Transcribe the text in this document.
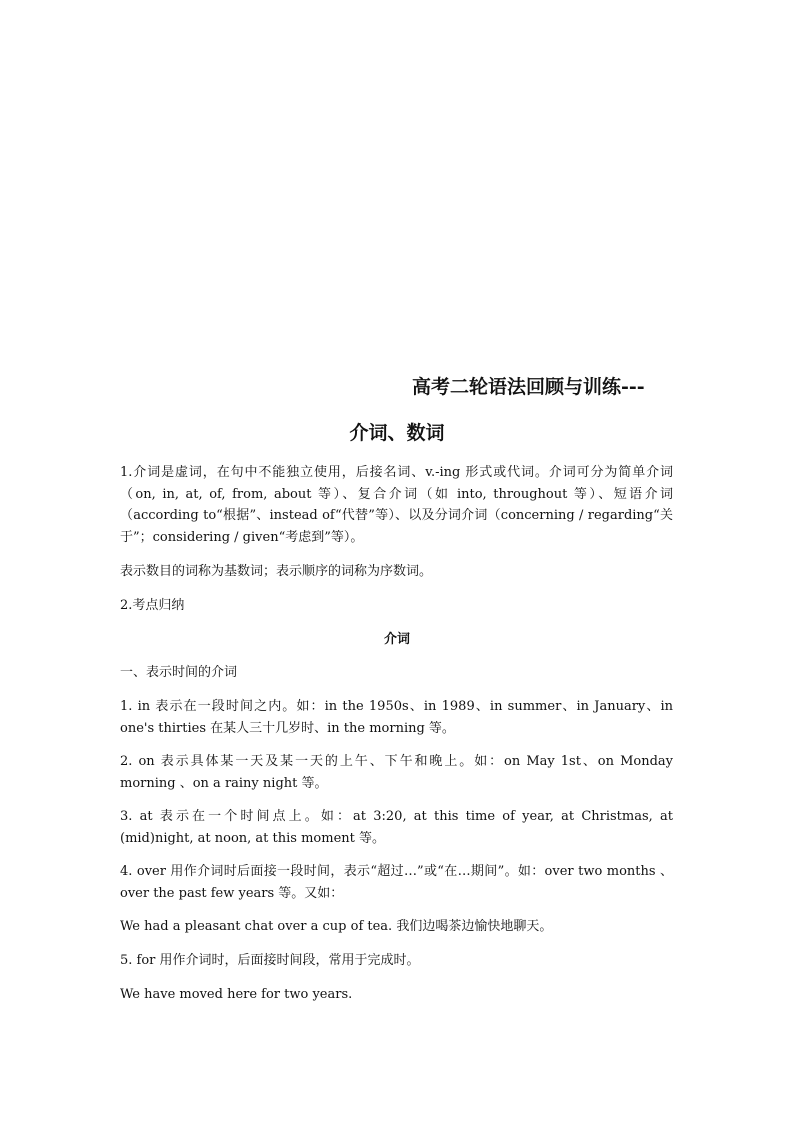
高考二轮语法回顾与训练---
介词、数词

1.介词是虚词，在句中不能独立使用，后接名词、v.-ing 形式或代词。介词可分为简单介词（on, in, at, of, from, about 等）、复合介词（如 into, throughout 等）、短语介词（according to“根据”、instead of“代替”等）、以及分词介词（concerning / regarding“关于”；considering / given“考虑到”等）。

表示数目的词称为基数词；表示顺序的词称为序数词。

2.考点归纳

介词

一、表示时间的介词

1. in 表示在一段时间之内。如：in the 1950s、in 1989、in summer、in January、in one's thirties 在某人三十几岁时、in the morning 等。

2. on 表示具体某一天及某一天的上午、下午和晚上。如：on May 1st、on Monday morning 、on a rainy night 等。

3. at 表示在一个时间点上。如：at 3:20, at this time of year, at Christmas, at (mid)night, at noon, at this moment 等。

4. over 用作介词时后面接一段时间，表示“超过…”或“在…期间”。如：over two months 、over the past few years 等。又如：

We had a pleasant chat over a cup of tea. 我们边喝茶边愉快地聊天。

5. for 用作介词时，后面接时间段，常用于完成时。

We have moved here for two years.
